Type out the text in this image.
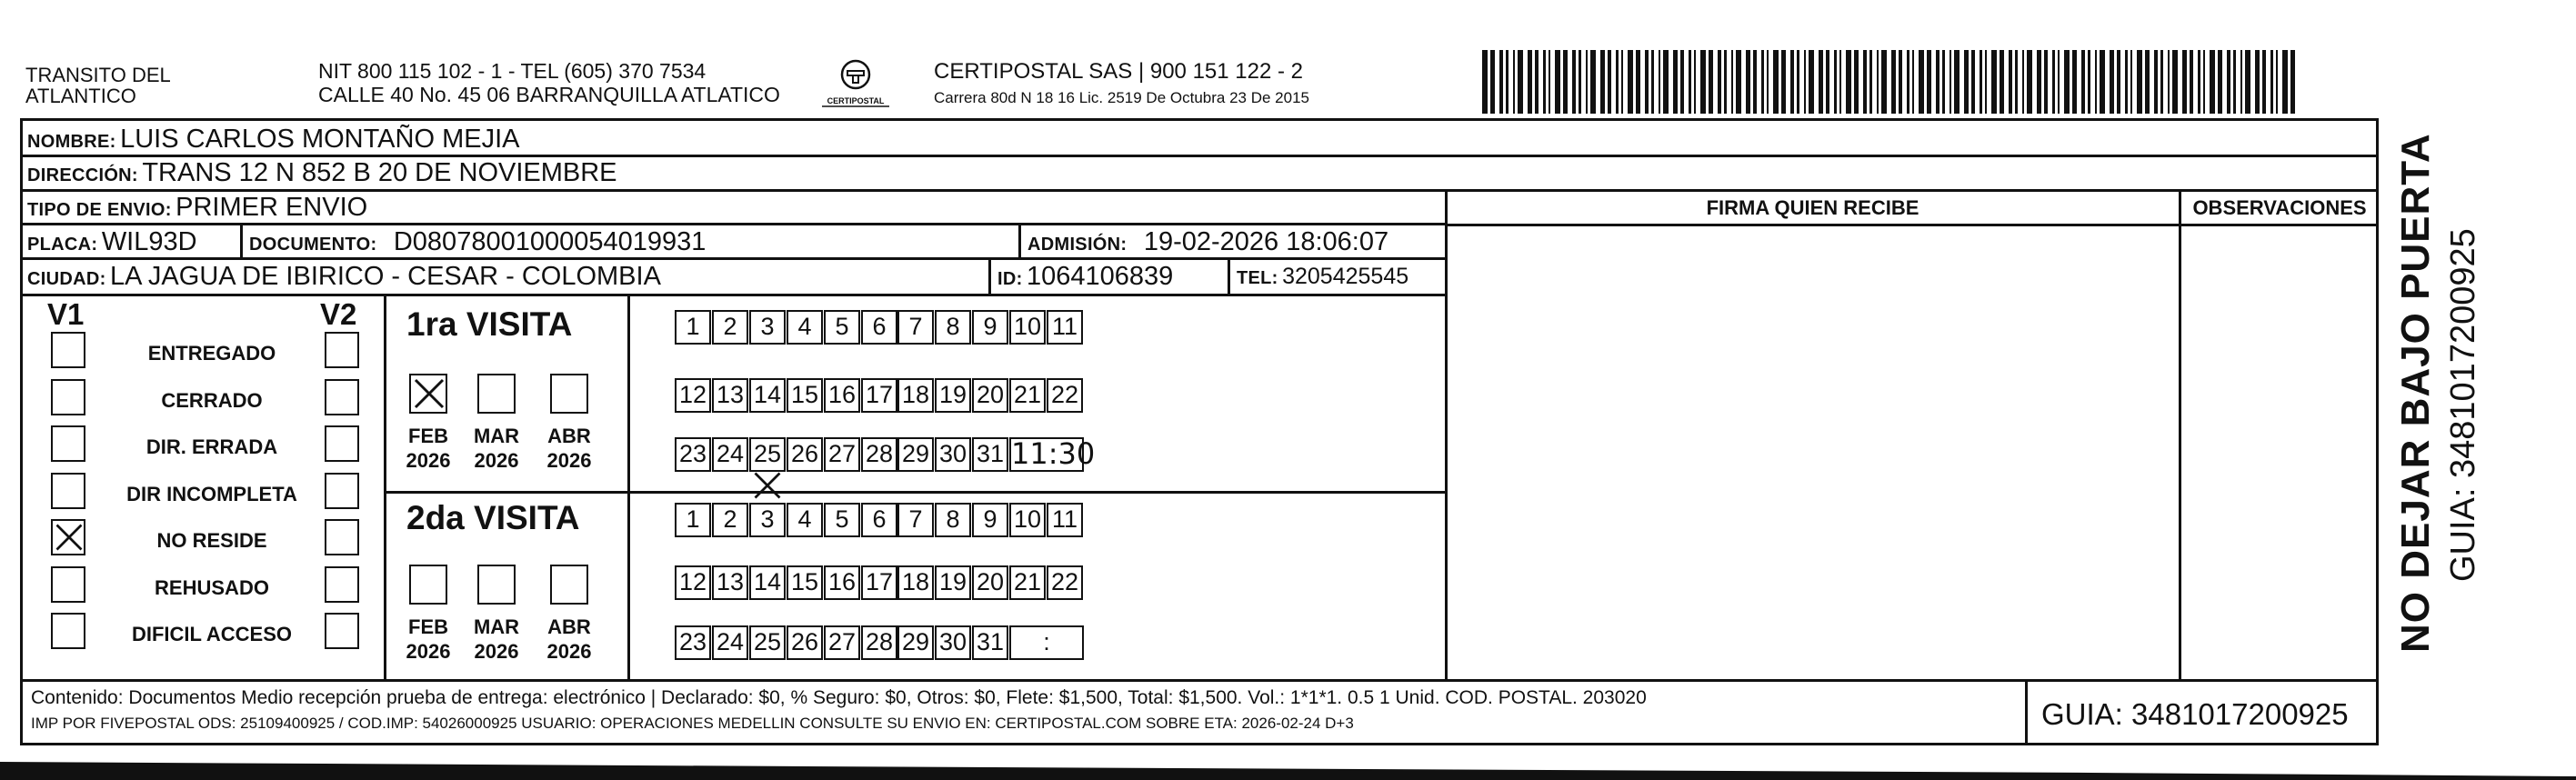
TRANSITO DEL
ATLANTICO
NIT 800 115 102 - 1 - TEL (605) 370 7534
CALLE 40 No. 45 06 BARRANQUILLA ATLATICO	CERTIPOSTAL
CERTIPOSTAL SAS | 900 151 122 - 2
Carrera 80d N 18 16 Lic. 2519 De Octubra 23 De 2015
NOMBRE: LUIS CARLOS MONTAÑO MEJIA
DIRECCIÓN: TRANS 12 N 852 B 20 DE NOVIEMBRE
TIPO DE ENVIO: PRIMER ENVIO	FIRMA QUIEN RECIBE	OBSERVACIONES
PLACA: WIL93D	DOCUMENTO: D08078001000054019931	ADMISIÓN: 19-02-2026 18:06:07
CIUDAD: LA JAGUA DE IBIRICO - CESAR - COLOMBIA	ID: 1064106839	TEL: 3205425545
V1	V2
ENTREGADO
CERRADO
DIR. ERRADA
DIR INCOMPLETA
NO RESIDE
REHUSADO
DIFICIL ACCESO
1ra VISITA
FEB
2026
MAR
2026
ABR
2026
1 2 3 4 5 6 7 8 9 10 11
12 13 14 15 16 17 18 19 20 21 22
23 24 25 26 27 28 29 30 31 11:30
2da VISITA
FEB
2026
MAR
2026
ABR
2026
1 2 3 4 5 6 7 8 9 10 11
12 13 14 15 16 17 18 19 20 21 22
23 24 25 26 27 28 29 30 31	:
Contenido: Documentos Medio recepción prueba de entrega: electrónico | Declarado: $0, % Seguro: $0, Otros: $0, Flete: $1,500, Total: $1,500. Vol.: 1*1*1. 0.5 1 Unid. COD. POSTAL. 203020
IMP POR FIVEPOSTAL ODS: 25109400925 / COD.IMP: 54026000925 USUARIO: OPERACIONES MEDELLIN CONSULTE SU ENVIO EN: CERTIPOSTAL.COM SOBRE ETA: 2026-02-24 D+3	GUIA: 3481017200925
NO DEJAR BAJO PUERTA GUIA: 3481017200925
